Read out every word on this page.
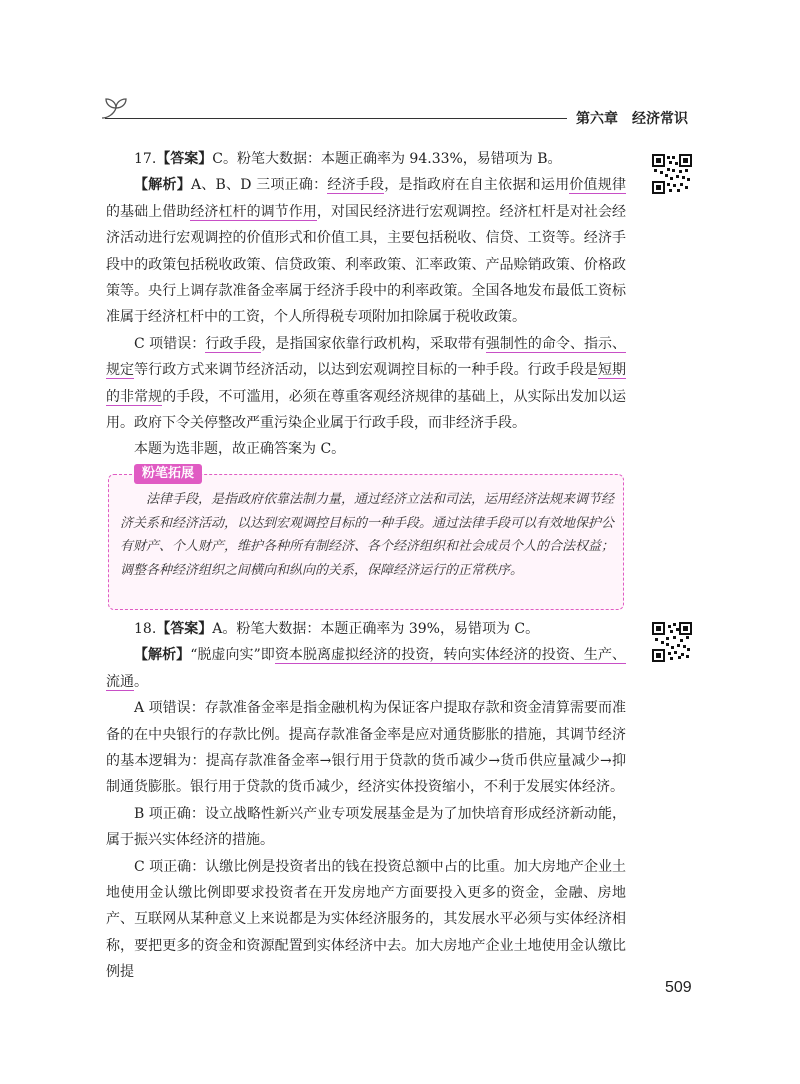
第六章 经济常识

17.【答案】C。粉笔大数据：本题正确率为 94.33%，易错项为 B。

【解析】A、B、D 三项正确：经济手段，是指政府在自主依据和运用价值规律的基础上借助经济杠杆的调节作用，对国民经济进行宏观调控。经济杠杆是对社会经济活动进行宏观调控的价值形式和价值工具，主要包括税收、信贷、工资等。经济手段中的政策包括税收政策、信贷政策、利率政策、汇率政策、产品赊销政策、价格政策等。央行上调存款准备金率属于经济手段中的利率政策。全国各地发布最低工资标准属于经济杠杆中的工资，个人所得税专项附加扣除属于税收政策。

C 项错误：行政手段，是指国家依靠行政机构，采取带有强制性的命令、指示、规定等行政方式来调节经济活动，以达到宏观调控目标的一种手段。行政手段是短期的非常规的手段，不可滥用，必须在尊重客观经济规律的基础上，从实际出发加以运用。政府下令关停整改严重污染企业属于行政手段，而非经济手段。

本题为选非题，故正确答案为 C。

粉笔拓展

法律手段，是指政府依靠法制力量，通过经济立法和司法，运用经济法规来调节经济关系和经济活动，以达到宏观调控目标的一种手段。通过法律手段可以有效地保护公有财产、个人财产，维护各种所有制经济、各个经济组织和社会成员个人的合法权益；调整各种经济组织之间横向和纵向的关系，保障经济运行的正常秩序。

18.【答案】A。粉笔大数据：本题正确率为 39%，易错项为 C。

【解析】“脱虚向实”即资本脱离虚拟经济的投资，转向实体经济的投资、生产、流通。

A 项错误：存款准备金率是指金融机构为保证客户提取存款和资金清算需要而准备的在中央银行的存款比例。提高存款准备金率是应对通货膨胀的措施，其调节经济的基本逻辑为：提高存款准备金率→银行用于贷款的货币减少→货币供应量减少→抑制通货膨胀。银行用于贷款的货币减少，经济实体投资缩小，不利于发展实体经济。

B 项正确：设立战略性新兴产业专项发展基金是为了加快培育形成经济新动能，属于振兴实体经济的措施。

C 项正确：认缴比例是投资者出的钱在投资总额中占的比重。加大房地产企业土地使用金认缴比例即要求投资者在开发房地产方面要投入更多的资金，金融、房地产、互联网从某种意义上来说都是为实体经济服务的，其发展水平必须与实体经济相称，要把更多的资金和资源配置到实体经济中去。加大房地产企业土地使用金认缴比例提

509
